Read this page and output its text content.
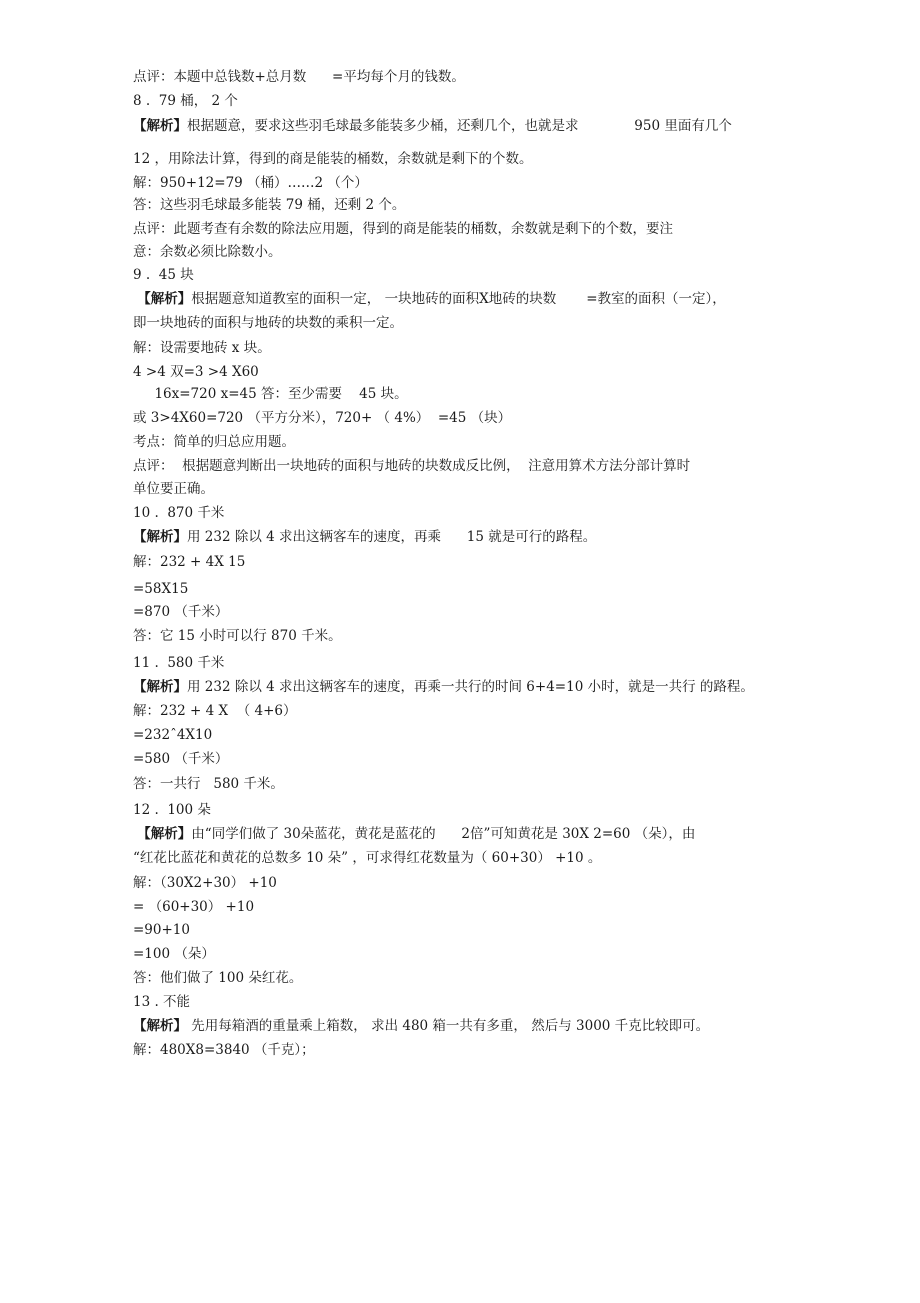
点评：本题中总钱数+总月数      =平均每个月的钱数。
8 .  79 桶， 2 个
【解析】根据题意，要求这些羽毛球最多能装多少桶，还剩几个，也就是求             950 里面有几个
12 ，用除法计算，得到的商是能装的桶数，余数就是剩下的个数。
解：950+12=79 （桶）……2 （个）
答：这些羽毛球最多能装 79 桶，还剩 2 个。
点评：此题考查有余数的除法应用题，得到的商是能装的桶数，余数就是剩下的个数，要注
意：余数必须比除数小。
9 .  45 块
【解析】根据题意知道教室的面积一定， 一块地砖的面积X地砖的块数       =教室的面积（一定），
即一块地砖的面积与地砖的块数的乘积一定。
解：设需要地砖 x 块。
4 >4 双=3 >4 X60
16x=720 x=45 答：至少需要    45 块。
或 3>4X60=720 （平方分米），720+ （ 4%）  =45 （块）
考点：简单的归总应用题。
点评：  根据题意判断出一块地砖的面积与地砖的块数成反比例，  注意用算术方法分部计算时
单位要正确。
10 .  870 千米
【解析】用 232 除以 4 求出这辆客车的速度，再乘      15 就是可行的路程。
解：232 + 4X 15
=58X15
=870 （千米）
答：它 15 小时可以行 870 千米。
11 .  580 千米
【解析】用 232 除以 4 求出这辆客车的速度，再乘一共行的时间 6+4=10 小时，就是一共行 的路程。
解：232 + 4 X  （ 4+6）
=232ˆ4X10
=580 （千米）
答：一共行   580 千米。
12 .  100 朵
【解析】由“同学们做了 30朵蓝花，黄花是蓝花的      2倍”可知黄花是 30X 2=60 （朵），由
“红花比蓝花和黄花的总数多 10 朵” ，可求得红花数量为（ 60+30） +10 。
解：（30X2+30） +10
= （60+30） +10
=90+10
=100 （朵）
答：他们做了 100 朵红花。
13 . 不能
【解析】 先用每箱酒的重量乘上箱数， 求出 480 箱一共有多重， 然后与 3000 千克比较即可。
解：480X8=3840 （千克）；
